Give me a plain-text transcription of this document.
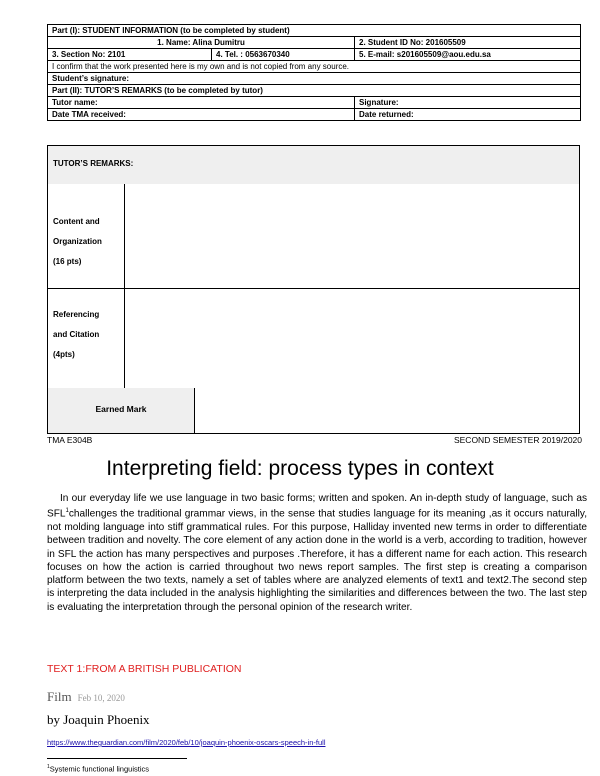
Part (I): STUDENT INFORMATION (to be completed by student)		
1. Name: Alina Dumitru		2. Student ID No: 201605509
3. Section No: 2101	4. Tel. : 0563670340	5. E-mail: s201605509@aou.edu.sa
I confirm that the work presented here is my own and is not copied from any source.		
Student’s signature:		
Part (II): TUTOR’S REMARKS (to be completed by tutor)		
Tutor name:		Signature:
Date TMA received:		Date returned:
TUTOR’S REMARKS:
Content and
Organization
(16 pts)
Referencing
and Citation
(4pts)
Earned Mark
TMA E304B	SECOND SEMESTER 2019/2020
Interpreting field: process types in context

In our everyday life we use language in two basic forms; written and spoken. An in-depth study of language, such as SFL$^1$challenges the traditional grammar views, in the sense that studies language for its meaning ,as it occurs naturally, not molding language into stiff grammatical rules. For this purpose, Halliday invented new terms in order to differentiate between tradition and novelty. The core element of any action done in the world is a verb, according to tradition, however in SFL the action has many perspectives and purposes .Therefore, it has a different name for each action. This research focuses on how the action is carried throughout two news report samples. The first step is creating a comparison platform between the two texts, namely a set of tables where are analyzed elements of text1 and text2.The second step is interpreting the data included in the analysis highlighting the similarities and differences between the two. The last step is evaluating the interpretation through the personal opinion of the research writer.

TEXT 1:FROM A BRITISH PUBLICATION
Film Feb 10, 2020
by Joaquin Phoenix
https://www.theguardian.com/film/2020/feb/10/joaquin-phoenix-oscars-speech-in-full
$^1$Systemic functional linguistics
